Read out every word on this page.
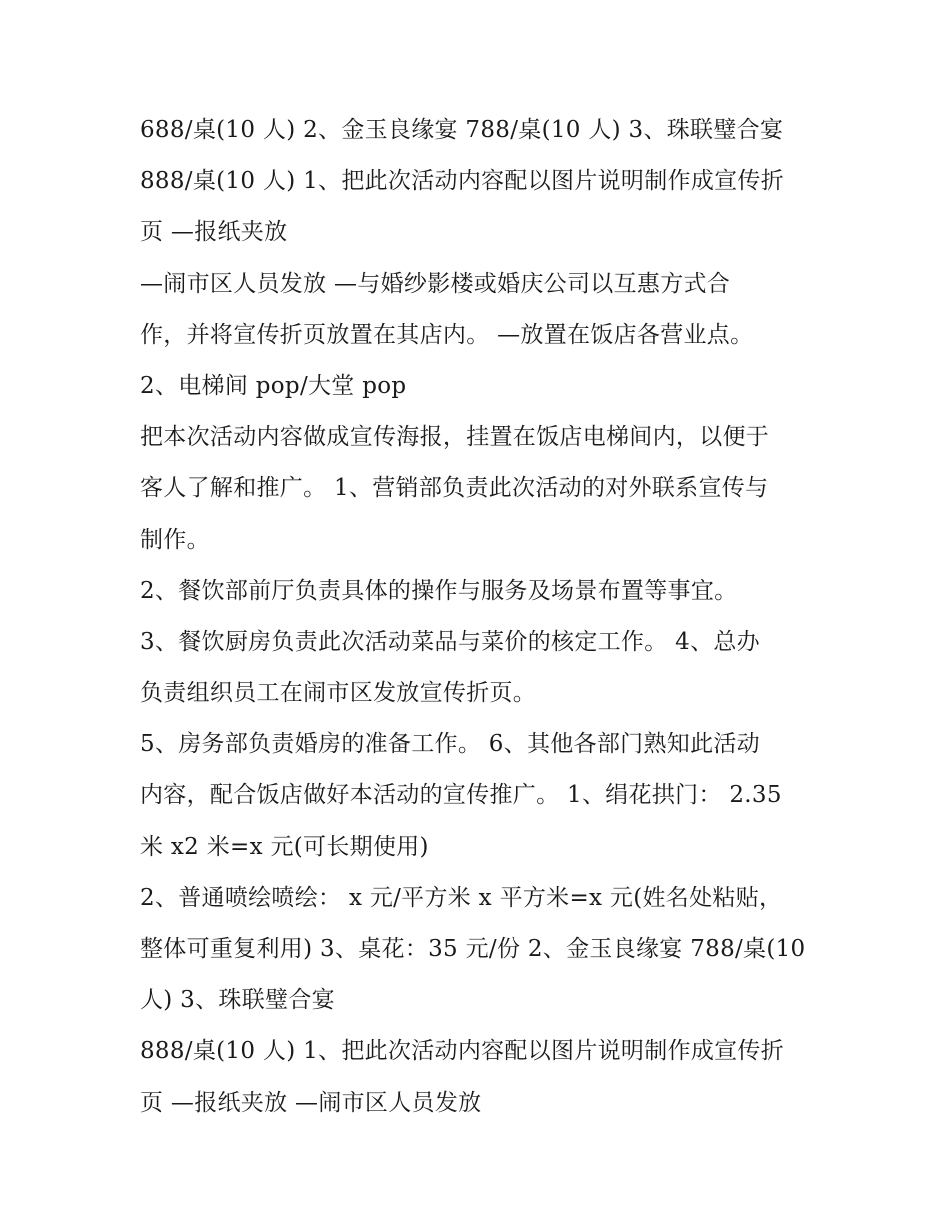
688/桌(10 人) 2、金玉良缘宴 788/桌(10 人) 3、珠联璧合宴
888/桌(10 人) 1、把此次活动内容配以图片说明制作成宣传折
页 —报纸夹放
—闹市区人员发放 —与婚纱影楼或婚庆公司以互惠方式合
作，并将宣传折页放置在其店内。 —放置在饭店各营业点。
2、电梯间 pop/大堂 pop
把本次活动内容做成宣传海报，挂置在饭店电梯间内，以便于
客人了解和推广。 1、营销部负责此次活动的对外联系宣传与
制作。
2、餐饮部前厅负责具体的操作与服务及场景布置等事宜。
3、餐饮厨房负责此次活动菜品与菜价的核定工作。 4、总办
负责组织员工在闹市区发放宣传折页。
5、房务部负责婚房的准备工作。 6、其他各部门熟知此活动
内容，配合饭店做好本活动的宣传推广。 1、绢花拱门： 2.35
米 x2 米=x 元(可长期使用)
2、普通喷绘喷绘： x 元/平方米 x 平方米=x 元(姓名处粘贴，
整体可重复利用) 3、桌花：35 元/份 2、金玉良缘宴 788/桌(10
人) 3、珠联璧合宴
888/桌(10 人) 1、把此次活动内容配以图片说明制作成宣传折
页 —报纸夹放 —闹市区人员发放
